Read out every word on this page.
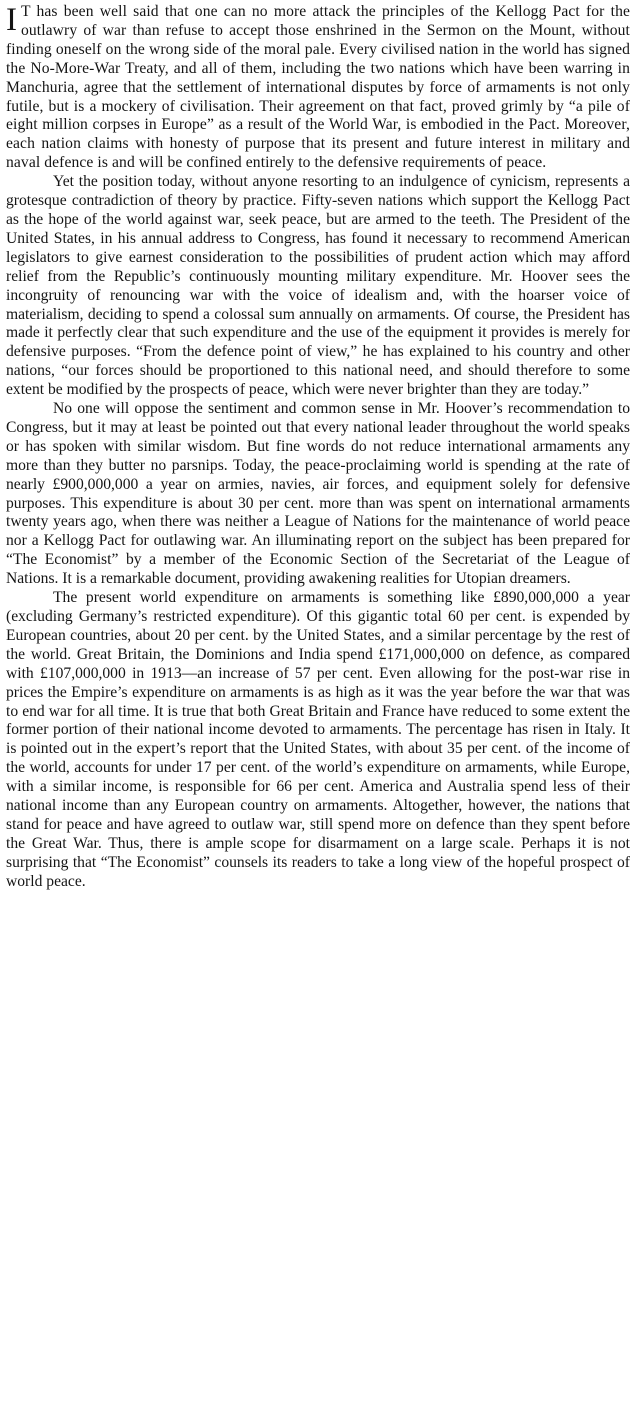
I T has been well said that one can no more attack the principles of the Kellogg Pact for the outlawry of war than refuse to accept those enshrined in the Sermon on the Mount, without finding oneself on the wrong side of the moral pale. Every civilised nation in the world has signed the No-More-War Treaty, and all of them, including the two nations which have been warring in Manchuria, agree that the settlement of international disputes by force of armaments is not only futile, but is a mockery of civilisation. Their agreement on that fact, proved grimly by “a pile of eight million corpses in Europe” as a result of the World War, is embodied in the Pact. Moreover, each nation claims with honesty of purpose that its present and future interest in military and naval defence is and will be confined entirely to the defensive requirements of peace.

Yet the position today, without anyone resorting to an indulgence of cynicism, represents a grotesque contradiction of theory by practice. Fifty-seven nations which support the Kellogg Pact as the hope of the world against war, seek peace, but are armed to the teeth. The President of the United States, in his annual address to Congress, has found it necessary to recommend American legislators to give earnest consideration to the possibilities of prudent action which may afford relief from the Republic’s continuously mounting military expenditure. Mr. Hoover sees the incongruity of renouncing war with the voice of idealism and, with the hoarser voice of materialism, deciding to spend a colossal sum annually on armaments. Of course, the President has made it perfectly clear that such expenditure and the use of the equipment it provides is merely for defensive purposes. “From the defence point of view,” he has explained to his country and other nations, “our forces should be proportioned to this national need, and should therefore to some extent be modified by the prospects of peace, which were never brighter than they are today.”

No one will oppose the sentiment and common sense in Mr. Hoover’s recommendation to Congress, but it may at least be pointed out that every national leader throughout the world speaks or has spoken with similar wisdom. But fine words do not reduce international armaments any more than they butter no parsnips. Today, the peace-proclaiming world is spending at the rate of nearly £900,000,000 a year on armies, navies, air forces, and equipment solely for defensive purposes. This expenditure is about 30 per cent. more than was spent on international armaments twenty years ago, when there was neither a League of Nations for the maintenance of world peace nor a Kellogg Pact for outlawing war. An illuminating report on the subject has been prepared for “The Economist” by a member of the Economic Section of the Secretariat of the League of Nations. It is a remarkable document, providing awakening realities for Utopian dreamers.

The present world expenditure on armaments is something like £890,000,000 a year (excluding Germany’s restricted expenditure). Of this gigantic total 60 per cent. is expended by European countries, about 20 per cent. by the United States, and a similar percentage by the rest of the world. Great Britain, the Dominions and India spend £171,000,000 on defence, as compared with £107,000,000 in 1913—an increase of 57 per cent. Even allowing for the post-war rise in prices the Empire’s expenditure on armaments is as high as it was the year before the war that was to end war for all time. It is true that both Great Britain and France have reduced to some extent the former portion of their national income devoted to armaments. The percentage has risen in Italy. It is pointed out in the expert’s report that the United States, with about 35 per cent. of the income of the world, accounts for under 17 per cent. of the world’s expenditure on armaments, while Europe, with a similar income, is responsible for 66 per cent. America and Australia spend less of their national income than any European country on armaments. Altogether, however, the nations that stand for peace and have agreed to outlaw war, still spend more on defence than they spent before the Great War. Thus, there is ample scope for disarmament on a large scale. Perhaps it is not surprising that “The Economist” counsels its readers to take a long view of the hopeful prospect of world peace.
